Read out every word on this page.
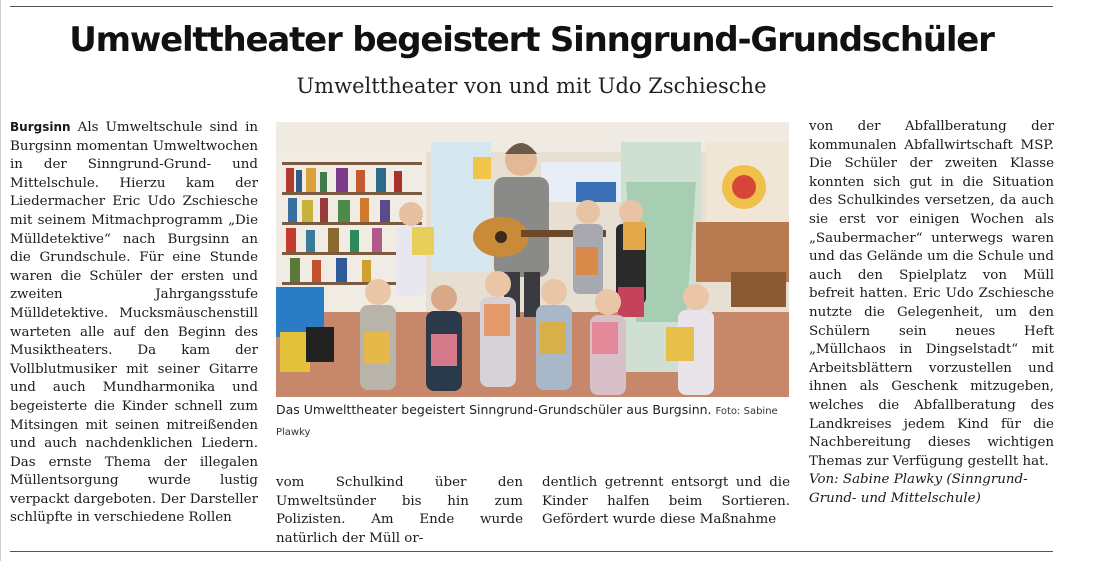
Umwelttheater begeistert Sinngrund-Grundschüler
Umwelttheater von und mit Udo Zschiesche

Burgsinn Als Umweltschule sind in Burgsinn momentan Umweltwochen in der Sinngrund-Grund- und Mittelschule. Hierzu kam der Liedermacher Eric Udo Zschiesche mit seinem Mitmachprogramm „Die Mülldetektive“ nach Burgsinn an die Grundschule. Für eine Stunde waren die Schüler der ersten und zweiten Jahrgangsstufe Mülldetektive. Mucksmäuschenstill warteten alle auf den Beginn des Musiktheaters. Da kam der Vollblutmusiker mit seiner Gitarre und auch Mundharmonika und begeisterte die Kinder schnell zum Mitsingen mit seinen mitreißenden und auch nachdenklichen Liedern. Das ernste Thema der illegalen Müllentsorgung wurde lustig verpackt dargeboten. Der Darsteller schlüpfte in verschiedene Rollen

Das Umwelttheater begeistert Sinngrund-Grundschüler aus Burgsinn. Foto: Sabine Plawky

vom Schulkind über den Umweltsünder bis hin zum Polizisten. Am Ende wurde natürlich der Müll or-

dentlich getrennt entsorgt und die Kinder halfen beim Sortieren. Gefördert wurde diese Maßnahme

von der Abfallberatung der kommunalen Abfallwirtschaft MSP. Die Schüler der zweiten Klasse konnten sich gut in die Situation des Schulkindes versetzen, da auch sie erst vor einigen Wochen als „Saubermacher“ unterwegs waren und das Gelände um die Schule und auch den Spielplatz von Müll befreit hatten. Eric Udo Zschiesche nutzte die Gelegenheit, um den Schülern sein neues Heft „Müllchaos in Dingselstadt“ mit Arbeitsblättern vorzustellen und ihnen als Geschenk mitzugeben, welches die Abfallberatung des Landkreises jedem Kind für die Nachbereitung dieses wichtigen Themas zur Verfügung gestellt hat.

Von: Sabine Plawky (Sinngrund-Grund- und Mittelschule)
